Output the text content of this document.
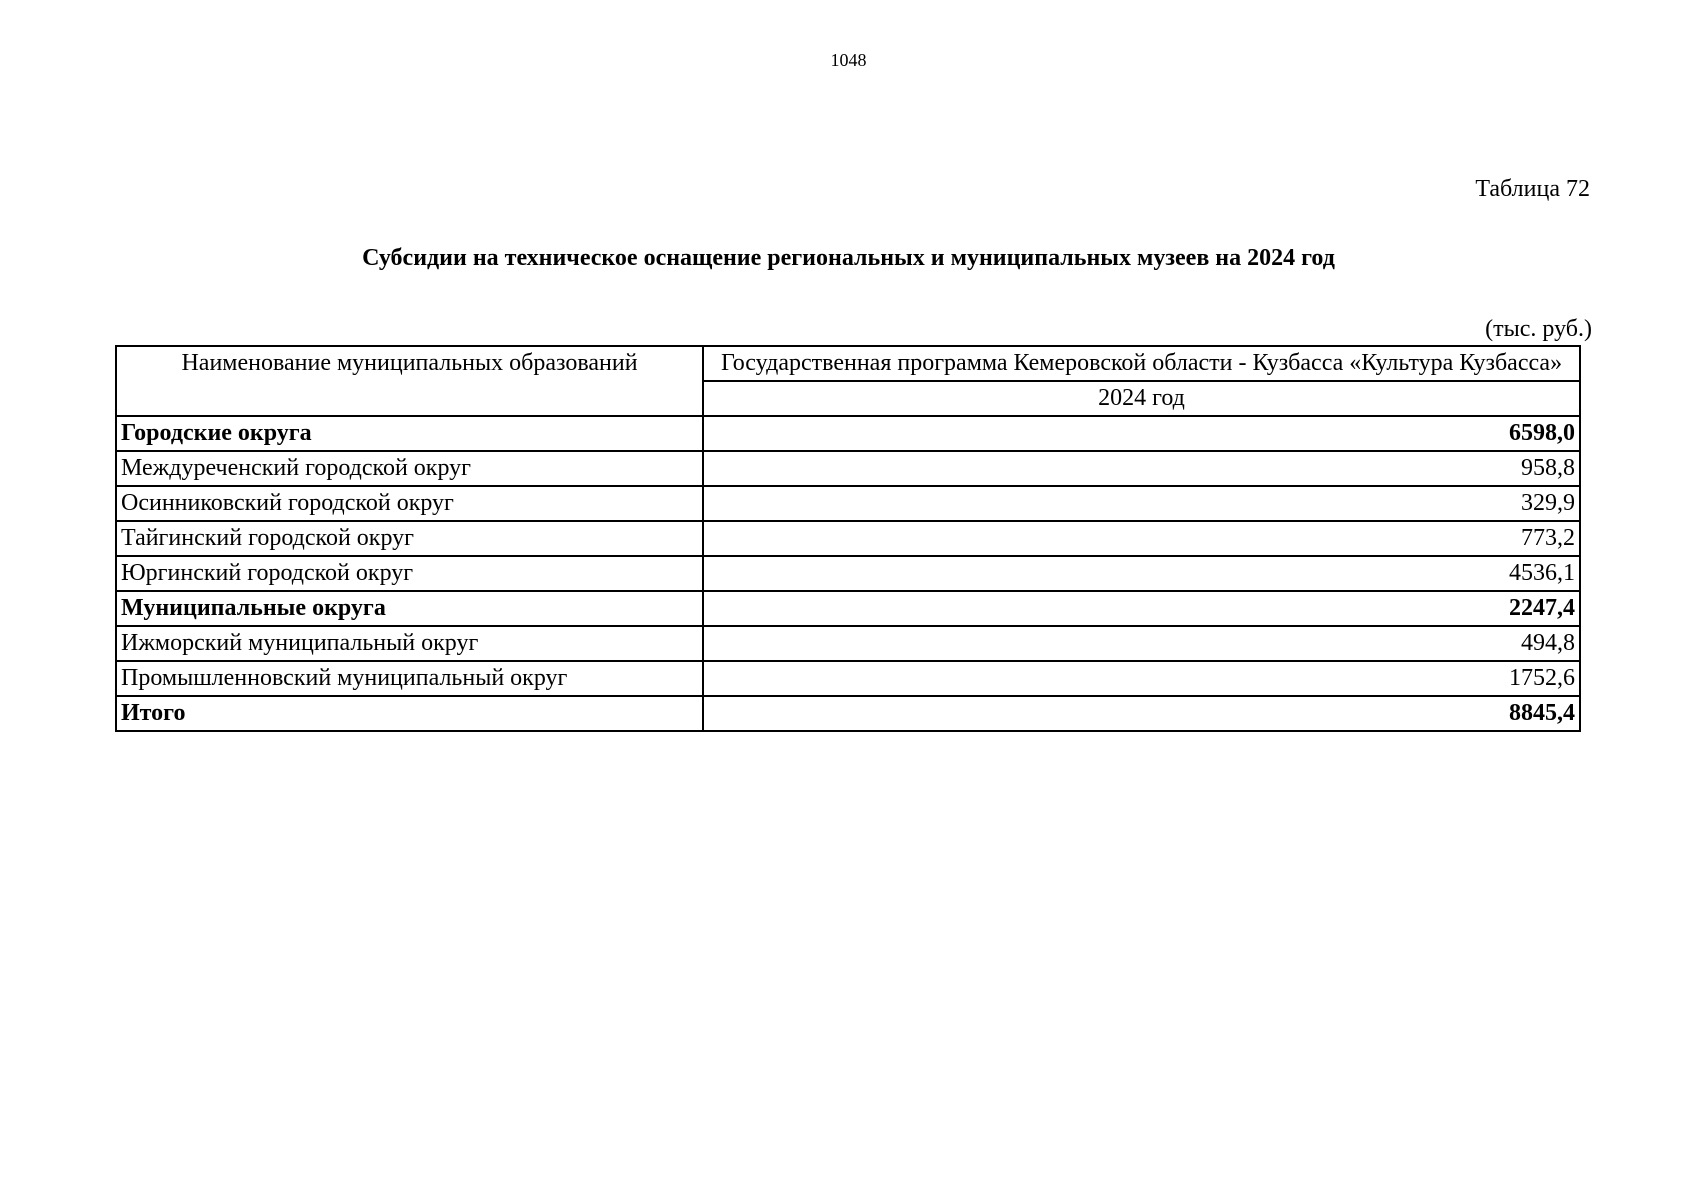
1048
Таблица 72
Субсидии на техническое оснащение региональных и муниципальных музеев на 2024 год
(тыс. руб.)
Наименование муниципальных образований	Государственная программа Кемеровской области - Кузбасса «Культура Кузбасса»
	2024 год
Городские округа	6598,0
Междуреченский городской округ	958,8
Осинниковский городской округ	329,9
Тайгинский городской округ	773,2
Юргинский городской округ	4536,1
Муниципальные округа	2247,4
Ижморский муниципальный округ	494,8
Промышленновский муниципальный округ	1752,6
Итого	8845,4
